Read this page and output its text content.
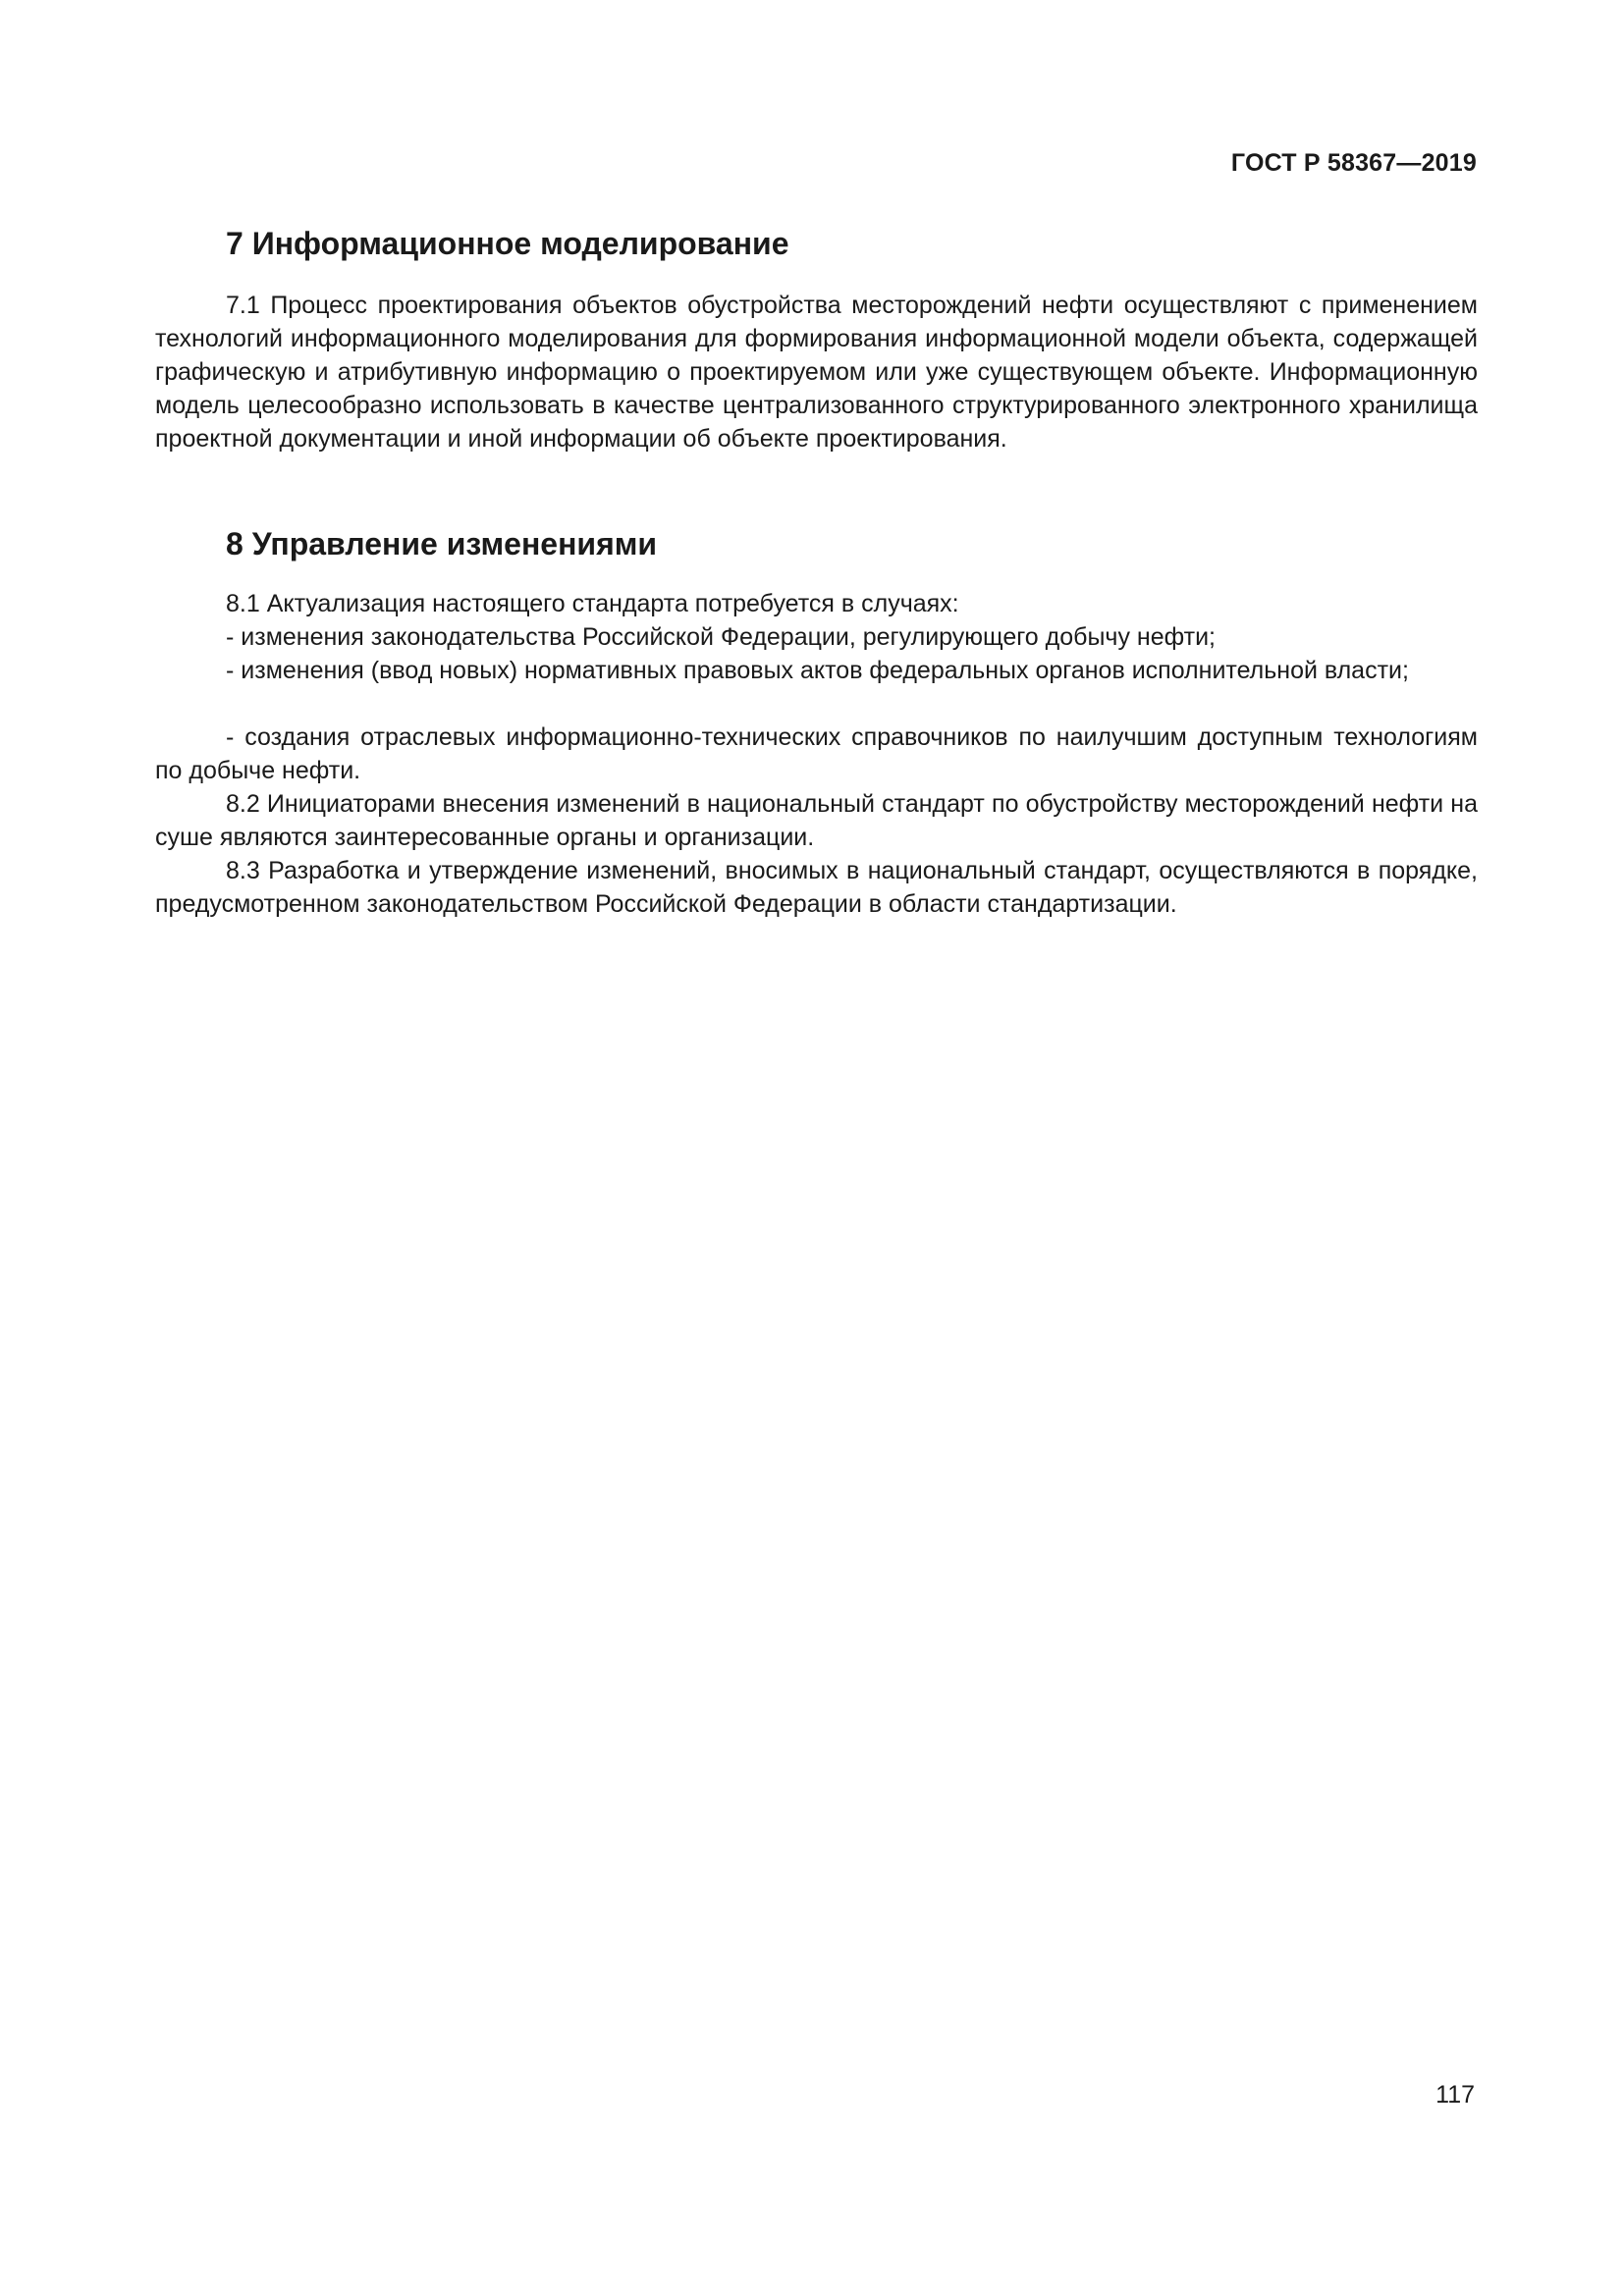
ГОСТ Р 58367—2019
7 Информационное моделирование
7.1 Процесс проектирования объектов обустройства месторождений нефти осуществляют с применением технологий информационного моделирования для формирования информационной модели объекта, содержащей графическую и атрибутивную информацию о проектируемом или уже существующем объекте. Информационную модель целесообразно использовать в качестве централизованного структурированного электронного хранилища проектной документации и иной информации об объекте проектирования.
8 Управление изменениями
8.1 Актуализация настоящего стандарта потребуется в случаях:
- изменения законодательства Российской Федерации, регулирующего добычу нефти;
- изменения (ввод новых) нормативных правовых актов федеральных органов исполнительной власти;
- создания отраслевых информационно-технических справочников по наилучшим доступным технологиям по добыче нефти.
8.2 Инициаторами внесения изменений в национальный стандарт по обустройству месторождений нефти на суше являются заинтересованные органы и организации.
8.3 Разработка и утверждение изменений, вносимых в национальный стандарт, осуществляются в порядке, предусмотренном законодательством Российской Федерации в области стандартизации.
117
